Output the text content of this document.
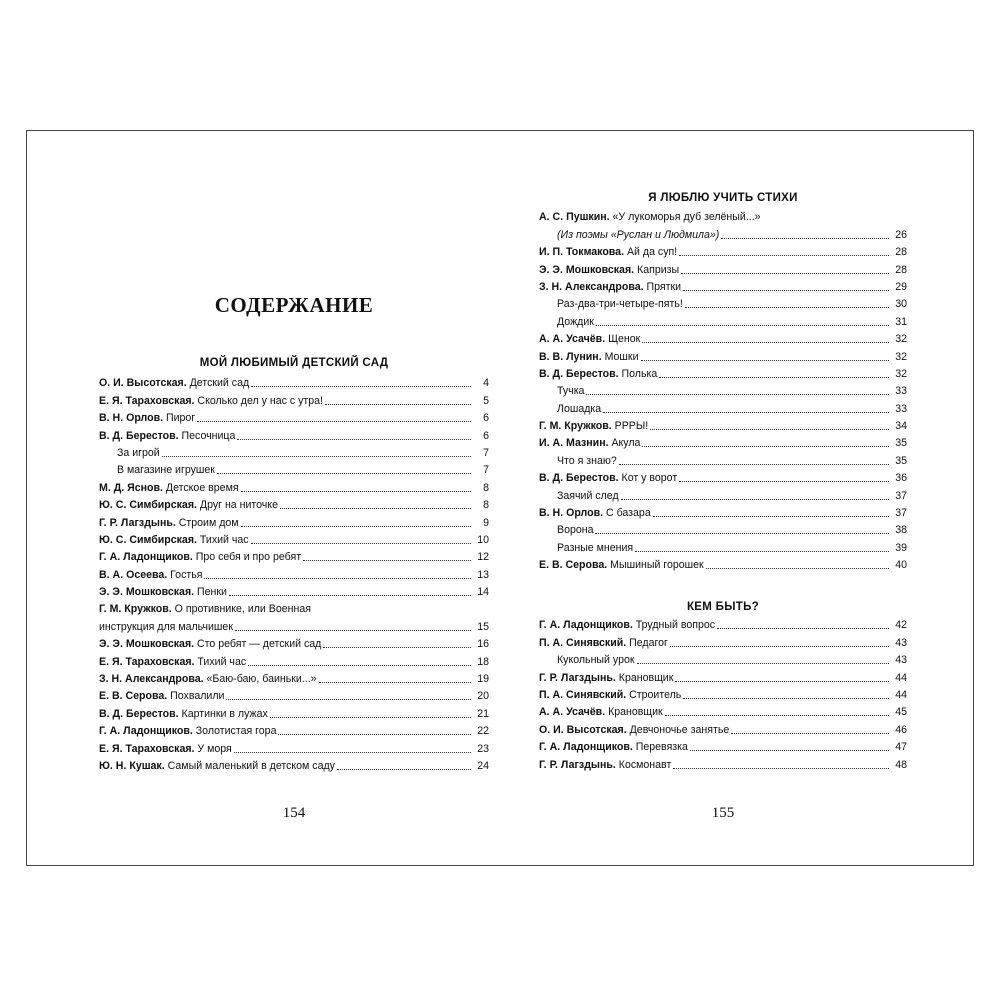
СОДЕРЖАНИЕ
МОЙ ЛЮБИМЫЙ ДЕТСКИЙ САД
О. И. Высотская. Детский сад	4
Е. Я. Тараховская. Сколько дел у нас с утра!	5
В. Н. Орлов. Пирог	6
В. Д. Берестов. Песочница	6
За игрой	7
В магазине игрушек	7
М. Д. Яснов. Детское время	8
Ю. С. Симбирская. Друг на ниточке	8
Г. Р. Лагздынь. Строим дом	9
Ю. С. Симбирская. Тихий час	10
Г. А. Ладонщиков. Про себя и про ребят	12
В. А. Осеева. Гостья	13
Э. Э. Мошковская. Пенки	14
Г. М. Кружков. О противнике, или Военная
инструкция для мальчишек	15
Э. Э. Мошковская. Сто ребят — детский сад	16
Е. Я. Тараховская. Тихий час	18
З. Н. Александрова. «Баю-баю, баиньки...»	19
Е. В. Серова. Похвалили	20
В. Д. Берестов. Картинки в лужах	21
Г. А. Ладонщиков. Золотистая гора	22
Е. Я. Тараховская. У моря	23
Ю. Н. Кушак. Самый маленький в детском саду	24
154
Я ЛЮБЛЮ УЧИТЬ СТИХИ
А. С. Пушкин. «У лукоморья дуб зелёный...»
(Из поэмы «Руслан и Людмила»)	26
И. П. Токмакова. Ай да суп!	28
Э. Э. Мошковская. Капризы	28
З. Н. Александрова. Прятки	29
Раз-два-три-четыре-пять!	30
Дождик	31
А. А. Усачёв. Щенок	32
В. В. Лунин. Мошки	32
В. Д. Берестов. Полька	32
Тучка	33
Лошадка	33
Г. М. Кружков. РРРЫ!	34
И. А. Мазнин. Акула	35
Что я знаю?	35
В. Д. Берестов. Кот у ворот	36
Заячий след	37
В. Н. Орлов. С базара	37
Ворона	38
Разные мнения	39
Е. В. Серова. Мышиный горошек	40
КЕМ БЫТЬ?
Г. А. Ладонщиков. Трудный вопрос	42
П. А. Синявский. Педагог	43
Кукольный урок	43
Г. Р. Лагздынь. Крановщик	44
П. А. Синявский. Строитель	44
А. А. Усачёв. Крановщик	45
О. И. Высотская. Девчоночье занятье	46
Г. А. Ладонщиков. Перевязка	47
Г. Р. Лагздынь. Космонавт	48
155
